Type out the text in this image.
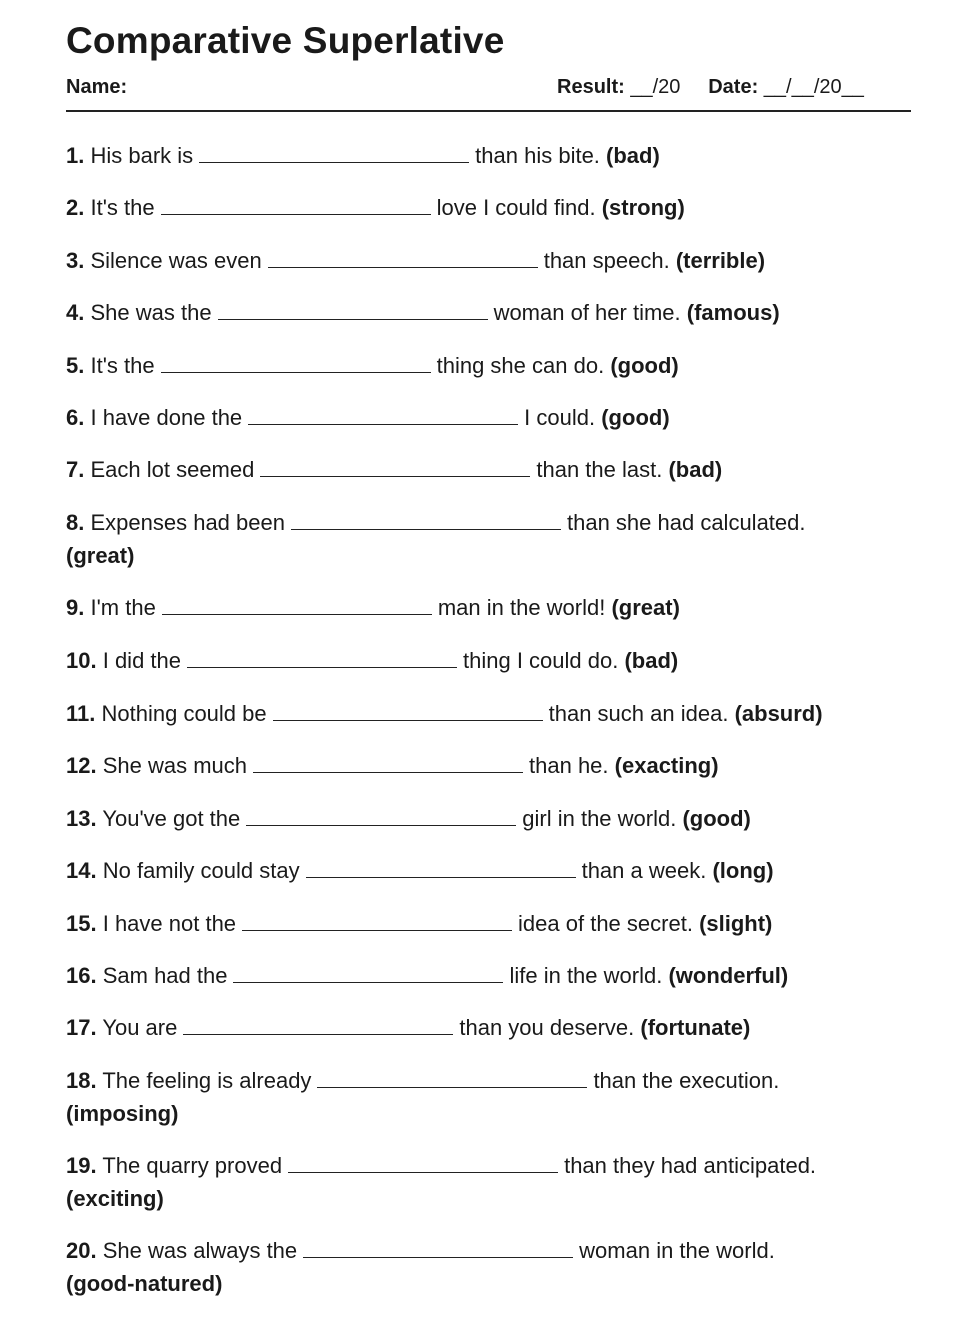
Comparative Superlative
Name:	Result: __/20 Date: __/__/20__
1. His bark is	than his bite. (bad)
2. It's the	love I could find. (strong)
3. Silence was even	than speech. (terrible)
4. She was the	woman of her time. (famous)
5. It's the	thing she can do. (good)
6. I have done the	I could. (good)
7. Each lot seemed	than the last. (bad)
8. Expenses had been	than she had calculated.
(great)
9. I'm the	man in the world! (great)
10. I did the	thing I could do. (bad)
11. Nothing could be	than such an idea. (absurd)
12. She was much	than he. (exacting)
13. You've got the	girl in the world. (good)
14. No family could stay	than a week. (long)
15. I have not the	idea of the secret. (slight)
16. Sam had the	life in the world. (wonderful)
17. You are	than you deserve. (fortunate)
18. The feeling is already	than the execution.
(imposing)
19. The quarry proved	than they had anticipated.
(exciting)
20. She was always the	woman in the world.
(good-natured)
